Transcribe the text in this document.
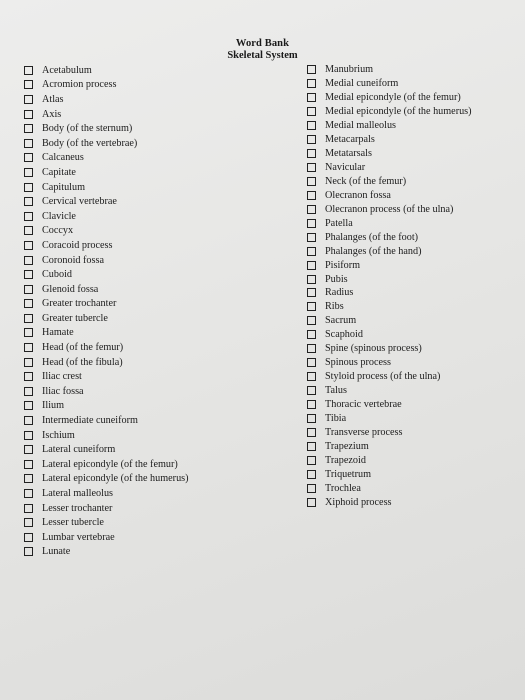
Word Bank
Skeletal System
Acetabulum
Acromion process
Atlas
Axis
Body (of the sternum)
Body (of the vertebrae)
Calcaneus
Capitate
Capitulum
Cervical vertebrae
Clavicle
Coccyx
Coracoid process
Coronoid fossa
Cuboid
Glenoid fossa
Greater trochanter
Greater tubercle
Hamate
Head (of the femur)
Head (of the fibula)
Iliac crest
Iliac fossa
Ilium
Intermediate cuneiform
Ischium
Lateral cuneiform
Lateral epicondyle (of the femur)
Lateral epicondyle (of the humerus)
Lateral malleolus
Lesser trochanter
Lesser tubercle
Lumbar vertebrae
Lunate
Manubrium
Medial cuneiform
Medial epicondyle (of the femur)
Medial epicondyle (of the humerus)
Medial malleolus
Metacarpals
Metatarsals
Navicular
Neck (of the femur)
Olecranon fossa
Olecranon process (of the ulna)
Patella
Phalanges (of the foot)
Phalanges (of the hand)
Pisiform
Pubis
Radius
Ribs
Sacrum
Scaphoid
Spine (spinous process)
Spinous process
Styloid process (of the ulna)
Talus
Thoracic vertebrae
Tibia
Transverse process
Trapezium
Trapezoid
Triquetrum
Trochlea
Xiphoid process
